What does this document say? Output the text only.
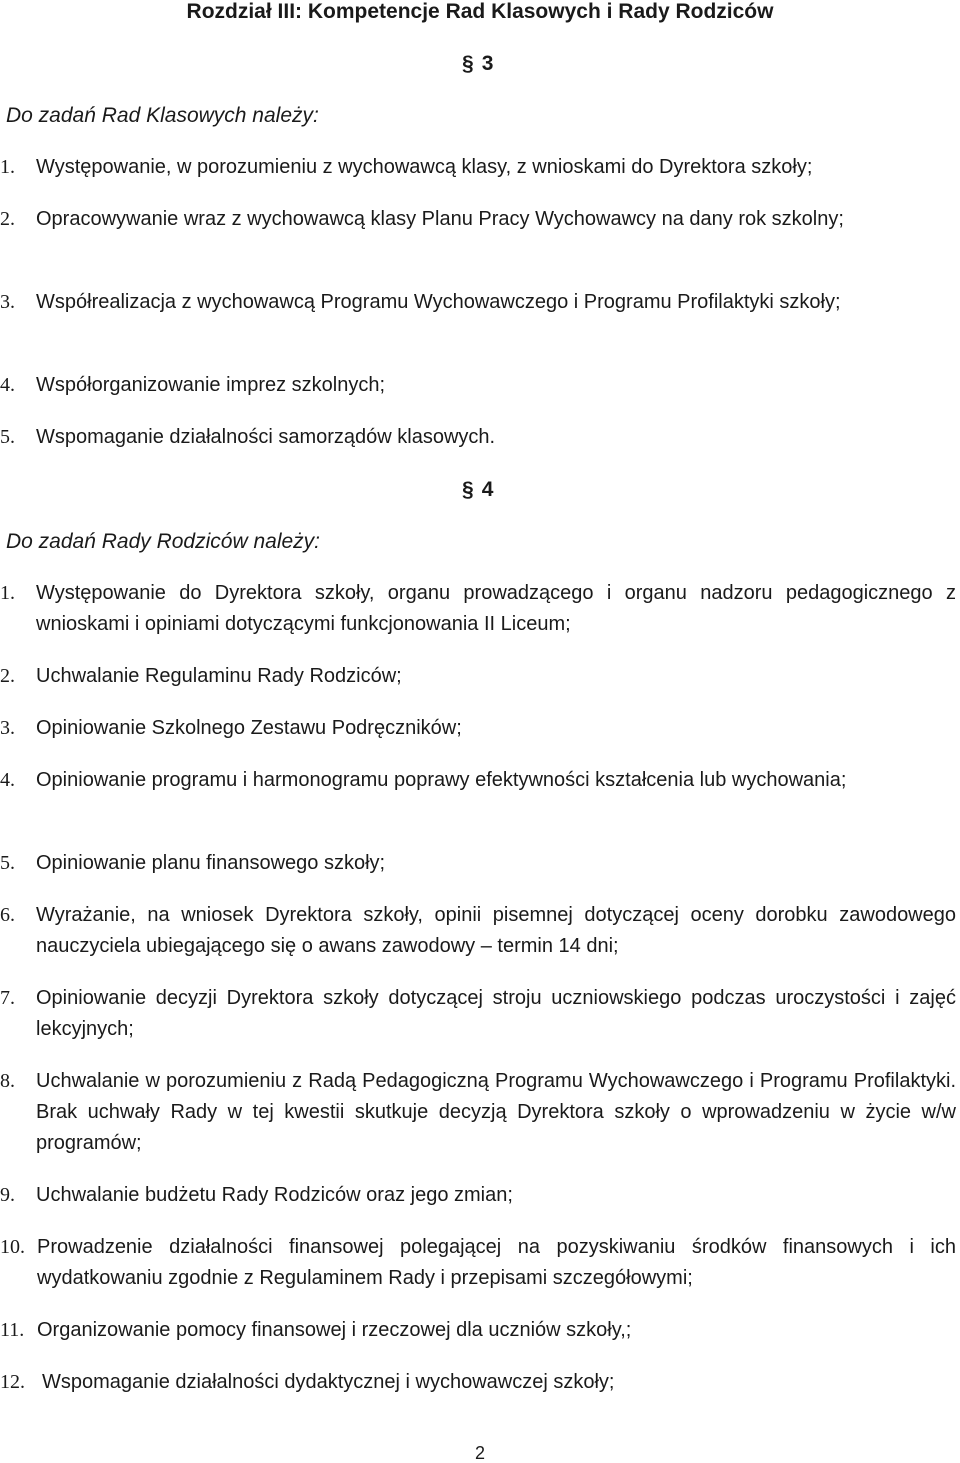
Rozdział III: Kompetencje Rad Klasowych i Rady Rodziców
§ 3
Do zadań Rad Klasowych należy:
1. Występowanie, w porozumieniu z wychowawcą klasy, z wnioskami do Dyrektora szkoły;
2. Opracowywanie wraz z wychowawcą klasy Planu Pracy Wychowawcy na dany rok szkolny;
3. Współrealizacja z wychowawcą Programu Wychowawczego i Programu Profilaktyki szkoły;
4. Współorganizowanie imprez szkolnych;
5. Wspomaganie działalności samorządów klasowych.
§ 4
Do zadań Rady Rodziców należy:
1. Występowanie do Dyrektora szkoły, organu prowadzącego i organu nadzoru pedagogicznego z wnioskami i opiniami dotyczącymi funkcjonowania II Liceum;
2. Uchwalanie Regulaminu Rady Rodziców;
3. Opiniowanie Szkolnego Zestawu Podręczników;
4. Opiniowanie programu i harmonogramu poprawy efektywności kształcenia lub wychowania;
5. Opiniowanie planu finansowego szkoły;
6. Wyrażanie, na wniosek Dyrektora szkoły, opinii pisemnej dotyczącej oceny dorobku zawodowego nauczyciela ubiegającego się o awans zawodowy – termin 14 dni;
7. Opiniowanie decyzji Dyrektora szkoły dotyczącej stroju uczniowskiego podczas uroczystości i zajęć lekcyjnych;
8. Uchwalanie w porozumieniu z Radą Pedagogiczną Programu Wychowawczego i Programu Profilaktyki. Brak uchwały Rady w tej kwestii skutkuje decyzją Dyrektora szkoły o wprowadzeniu w życie w/w programów;
9. Uchwalanie budżetu Rady Rodziców oraz jego zmian;
10. Prowadzenie działalności finansowej polegającej na pozyskiwaniu środków finansowych i ich wydatkowaniu zgodnie z Regulaminem Rady i przepisami szczegółowymi;
11. Organizowanie pomocy finansowej i rzeczowej dla uczniów szkoły,;
12. Wspomaganie działalności dydaktycznej i wychowawczej szkoły;
2
